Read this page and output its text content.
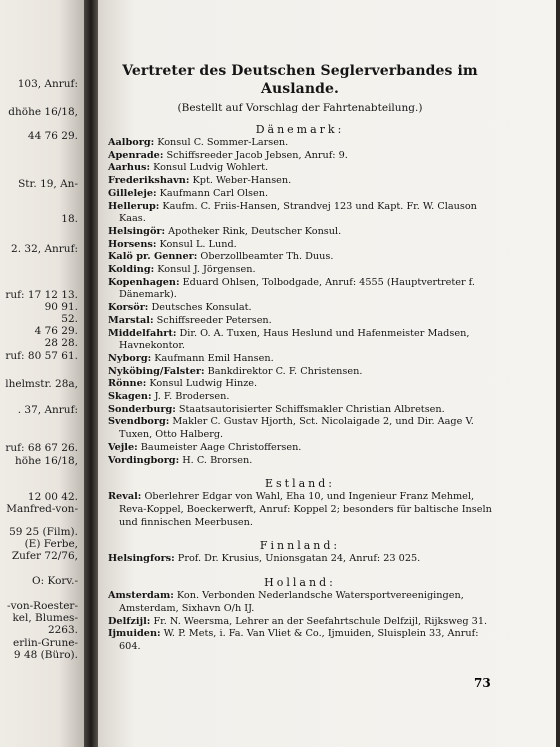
103, Anruf:
dhöhe 16/18,
44 76 29.
Str. 19, An-
18.
2. 32, Anruf:
ruf: 17 12 13.
90 91.
52.
4 76 29.
28 28.
ruf: 80 57 61.
lhelmstr. 28a,
. 37, Anruf:
ruf: 68 67 26.
höhe 16/18,
12 00 42.
Manfred-von-
59 25 (Film).
(E) Ferbe,
Zufer 72/76,
O: Korv.-
-von-Roester-
kel, Blumes-
2263.
erlin-Grune-
9 48 (Büro).
Vertreter des Deutschen Seglerverbandes im Auslande.
(Bestellt auf Vorschlag der Fahrtenabteilung.)
Dänemark:
Aalborg: Konsul C. Sommer-Larsen.
Apenrade: Schiffsreeder Jacob Jebsen, Anruf: 9.
Aarhus: Konsul Ludvig Wohlert.
Frederikshavn: Kpt. Weber-Hansen.
Gilleleje: Kaufmann Carl Olsen.
Hellerup: Kaufm. C. Friis-Hansen, Strandvej 123 und Kapt. Fr. W. Clauson Kaas.
Helsingör: Apotheker Rink, Deutscher Konsul.
Horsens: Konsul L. Lund.
Kalö pr. Genner: Oberzollbeamter Th. Duus.
Kolding: Konsul J. Jörgensen.
Kopenhagen: Eduard Ohlsen, Tolbodgade, Anruf: 4555 (Hauptvertreter f. Dänemark).
Korsör: Deutsches Konsulat.
Marstal: Schiffsreeder Petersen.
Middelfahrt: Dir. O. A. Tuxen, Haus Heslund und Hafenmeister Madsen, Havnekontor.
Nyborg: Kaufmann Emil Hansen.
Nyköbing/Falster: Bankdirektor C. F. Christensen.
Rönne: Konsul Ludwig Hinze.
Skagen: J. F. Brodersen.
Sonderburg: Staatsautorisierter Schiffsmakler Christian Albretsen.
Svendborg: Makler C. Gustav Hjorth, Sct. Nicolaigade 2, und Dir. Aage V. Tuxen, Otto Halberg.
Vejle: Baumeister Aage Christoffersen.
Vordingborg: H. C. Brorsen.
Estland:
Reval: Oberlehrer Edgar von Wahl, Eha 10, und Ingenieur Franz Mehmel, Reva-Koppel, Boeckerwerft, Anruf: Koppel 2; besonders für baltische Inseln und finnischen Meerbusen.
Finnland:
Helsingfors: Prof. Dr. Krusius, Unionsgatan 24, Anruf: 23 025.
Holland:
Amsterdam: Kon. Verbonden Nederlandsche Watersportvereenigingen, Amsterdam, Sixhavn O/h IJ.
Delfzijl: Fr. N. Weersma, Lehrer an der Seefahrtschule Delfzijl, Rijksweg 31.
Ijmuiden: W. P. Mets, i. Fa. Van Vliet & Co., Ijmuiden, Sluisplein 33, Anruf: 604.
73
